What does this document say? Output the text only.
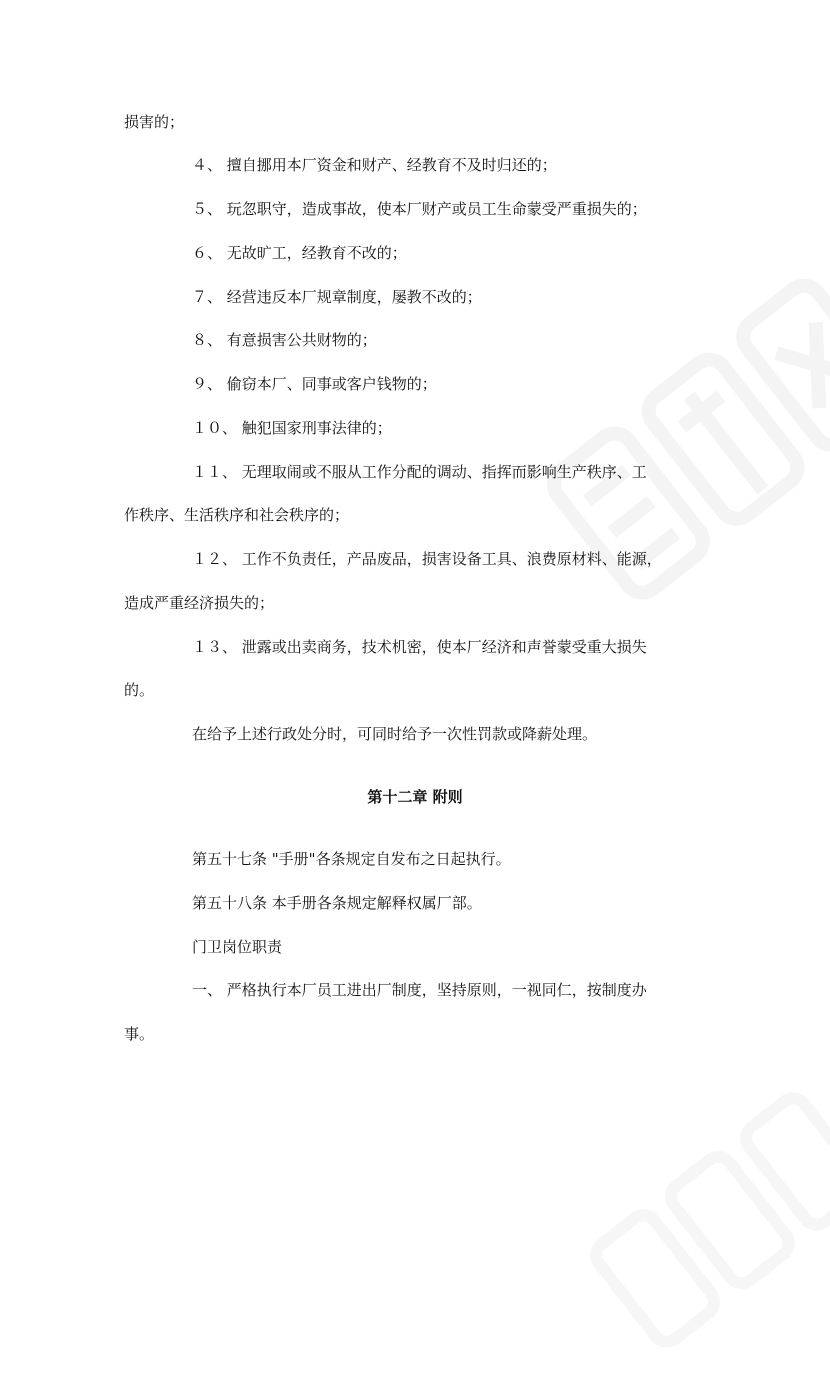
损害的；
４、 擅自挪用本厂资金和财产、经教育不及时归还的；
５、 玩忽职守，造成事故，使本厂财产或员工生命蒙受严重损失的；
６、 无故旷工，经教育不改的；
７、 经营违反本厂规章制度，屡教不改的；
８、 有意损害公共财物的；
９、 偷窃本厂、同事或客户钱物的；
１０、 触犯国家刑事法律的；
１１、 无理取闹或不服从工作分配的调动、指挥而影响生产秩序、工
作秩序、生活秩序和社会秩序的；
１２、 工作不负责任，产品废品，损害设备工具、浪费原材料、能源，
造成严重经济损失的；
１３、 泄露或出卖商务，技术机密，使本厂经济和声誉蒙受重大损失
的。
在给予上述行政处分时，可同时给予一次性罚款或降薪处理。
第十二章 附则
第五十七条 "手册"各条规定自发布之日起执行。
第五十八条 本手册各条规定解释权属厂部。
门卫岗位职责
一、 严格执行本厂员工进出厂制度，坚持原则，一视同仁，按制度办
事。
